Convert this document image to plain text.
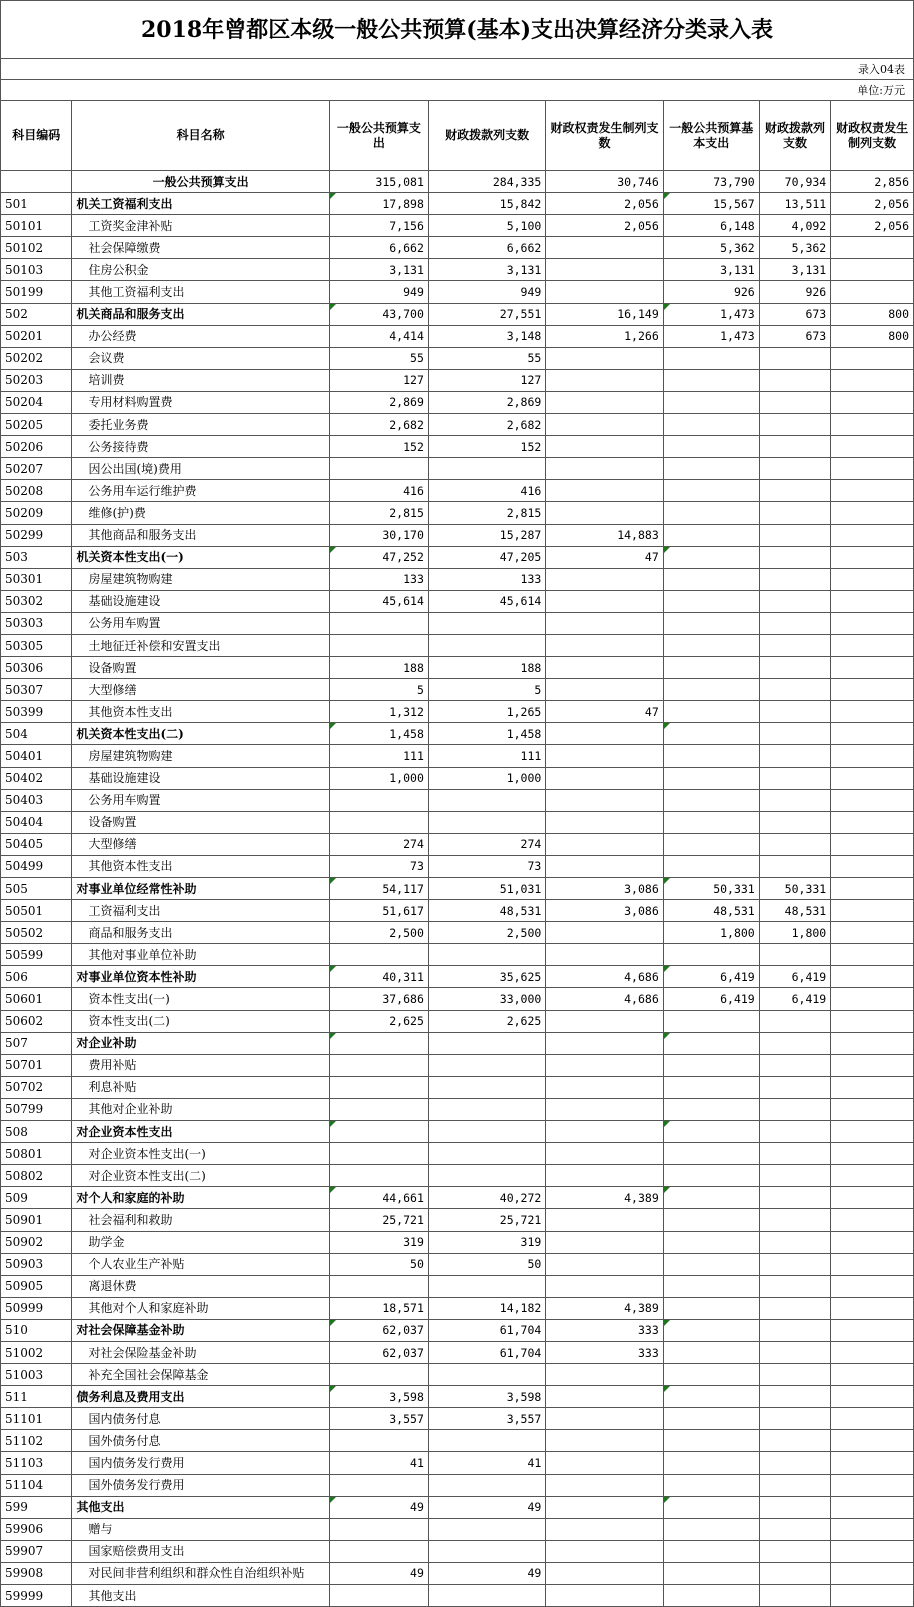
2018年曾都区本级一般公共预算(基本)支出决算经济分类录入表
录入04表
单位:万元
科目编码	科目名称	一般公共预算支出	财政拨款列支数	财政权责发生制列支数	一般公共预算基本支出	财政拨款列支数	财政权责发生制列支数
	一般公共预算支出	315,081	284,335	30,746	73,790	70,934	2,856
501	机关工资福利支出	17,898	15,842	2,056	15,567	13,511	2,056
50101	工资奖金津补贴	7,156	5,100	2,056	6,148	4,092	2,056
50102	社会保障缴费	6,662	6,662		5,362	5,362	
50103	住房公积金	3,131	3,131		3,131	3,131	
50199	其他工资福利支出	949	949		926	926	
502	机关商品和服务支出	43,700	27,551	16,149	1,473	673	800
50201	办公经费	4,414	3,148	1,266	1,473	673	800
50202	会议费	55	55				
50203	培训费	127	127				
50204	专用材料购置费	2,869	2,869				
50205	委托业务费	2,682	2,682				
50206	公务接待费	152	152				
50207	因公出国(境)费用						
50208	公务用车运行维护费	416	416				
50209	维修(护)费	2,815	2,815				
50299	其他商品和服务支出	30,170	15,287	14,883			
503	机关资本性支出(一)	47,252	47,205	47			
50301	房屋建筑物购建	133	133				
50302	基础设施建设	45,614	45,614				
50303	公务用车购置						
50305	土地征迁补偿和安置支出						
50306	设备购置	188	188				
50307	大型修缮	5	5				
50399	其他资本性支出	1,312	1,265	47			
504	机关资本性支出(二)	1,458	1,458				
50401	房屋建筑物购建	111	111				
50402	基础设施建设	1,000	1,000				
50403	公务用车购置						
50404	设备购置						
50405	大型修缮	274	274				
50499	其他资本性支出	73	73				
505	对事业单位经常性补助	54,117	51,031	3,086	50,331	50,331	
50501	工资福利支出	51,617	48,531	3,086	48,531	48,531	
50502	商品和服务支出	2,500	2,500		1,800	1,800	
50599	其他对事业单位补助						
506	对事业单位资本性补助	40,311	35,625	4,686	6,419	6,419	
50601	资本性支出(一)	37,686	33,000	4,686	6,419	6,419	
50602	资本性支出(二)	2,625	2,625				
507	对企业补助						
50701	费用补贴						
50702	利息补贴						
50799	其他对企业补助						
508	对企业资本性支出						
50801	对企业资本性支出(一)						
50802	对企业资本性支出(二)						
509	对个人和家庭的补助	44,661	40,272	4,389			
50901	社会福利和救助	25,721	25,721				
50902	助学金	319	319				
50903	个人农业生产补贴	50	50				
50905	离退休费						
50999	其他对个人和家庭补助	18,571	14,182	4,389			
510	对社会保障基金补助	62,037	61,704	333			
51002	对社会保险基金补助	62,037	61,704	333			
51003	补充全国社会保障基金						
511	债务利息及费用支出	3,598	3,598				
51101	国内债务付息	3,557	3,557				
51102	国外债务付息						
51103	国内债务发行费用	41	41				
51104	国外债务发行费用						
599	其他支出	49	49				
59906	赠与						
59907	国家赔偿费用支出						
59908	对民间非营利组织和群众性自治组织补贴	49	49				
59999	其他支出						
